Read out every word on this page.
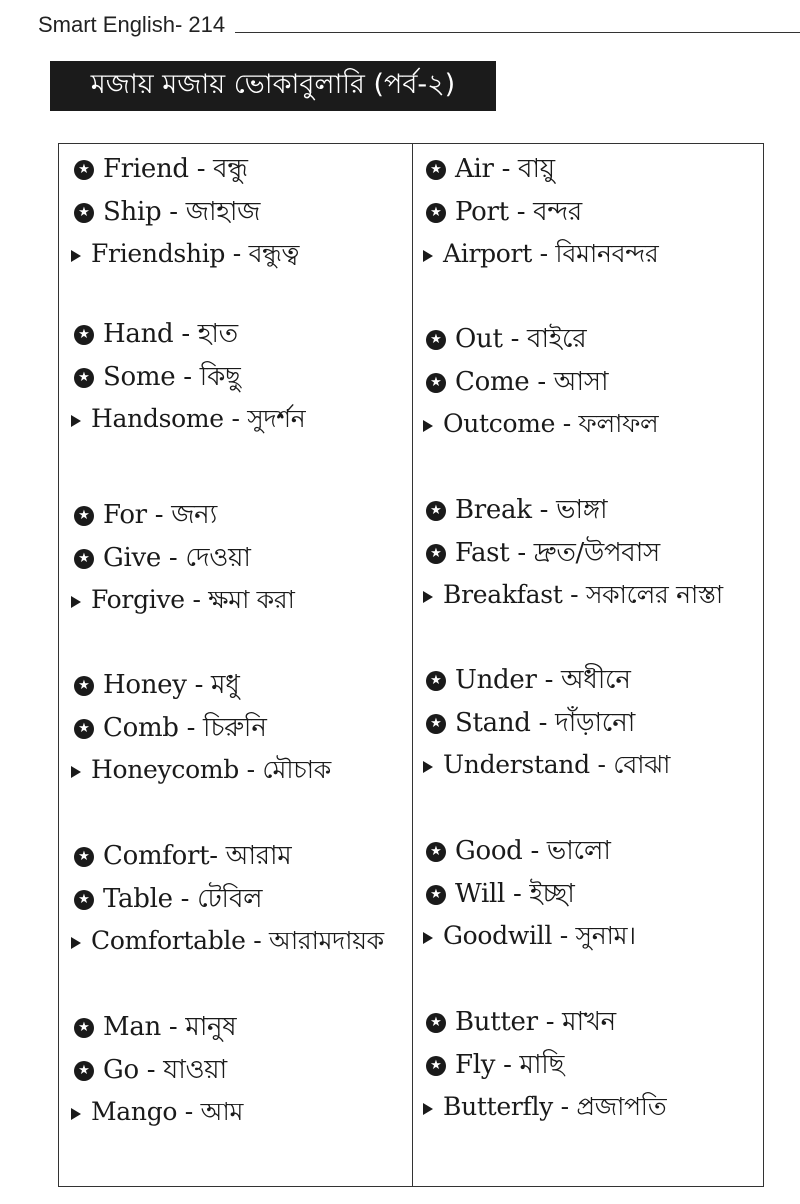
Smart English- 214
মজায় মজায় ভোকাবুলারি (পর্ব-২)
★ Friend - বন্ধু
★ Ship - জাহাজ
Friendship - বন্ধুত্ব
★ Hand - হাত
★ Some - কিছু
Handsome - সুদর্শন
★ For - জন্য
★ Give - দেওয়া
Forgive - ক্ষমা করা
★ Honey - মধু
★ Comb - চিরুনি
Honeycomb - মৌচাক
★ Comfort- আরাম
★ Table - টেবিল
Comfortable - আরামদায়ক
★ Man - মানুষ
★ Go - যাওয়া
Mango - আম
★ Air - বায়ু
★ Port - বন্দর
Airport - বিমানবন্দর
★ Out - বাইরে
★ Come - আসা
Outcome - ফলাফল
★ Break - ভাঙ্গা
★ Fast - দ্রুত/উপবাস
Breakfast - সকালের নাস্তা
★ Under - অধীনে
★ Stand - দাঁড়ানো
Understand - বোঝা
★ Good - ভালো
★ Will - ইচ্ছা
Goodwill - সুনাম।
★ Butter - মাখন
★ Fly - মাছি
Butterfly - প্রজাপতি
